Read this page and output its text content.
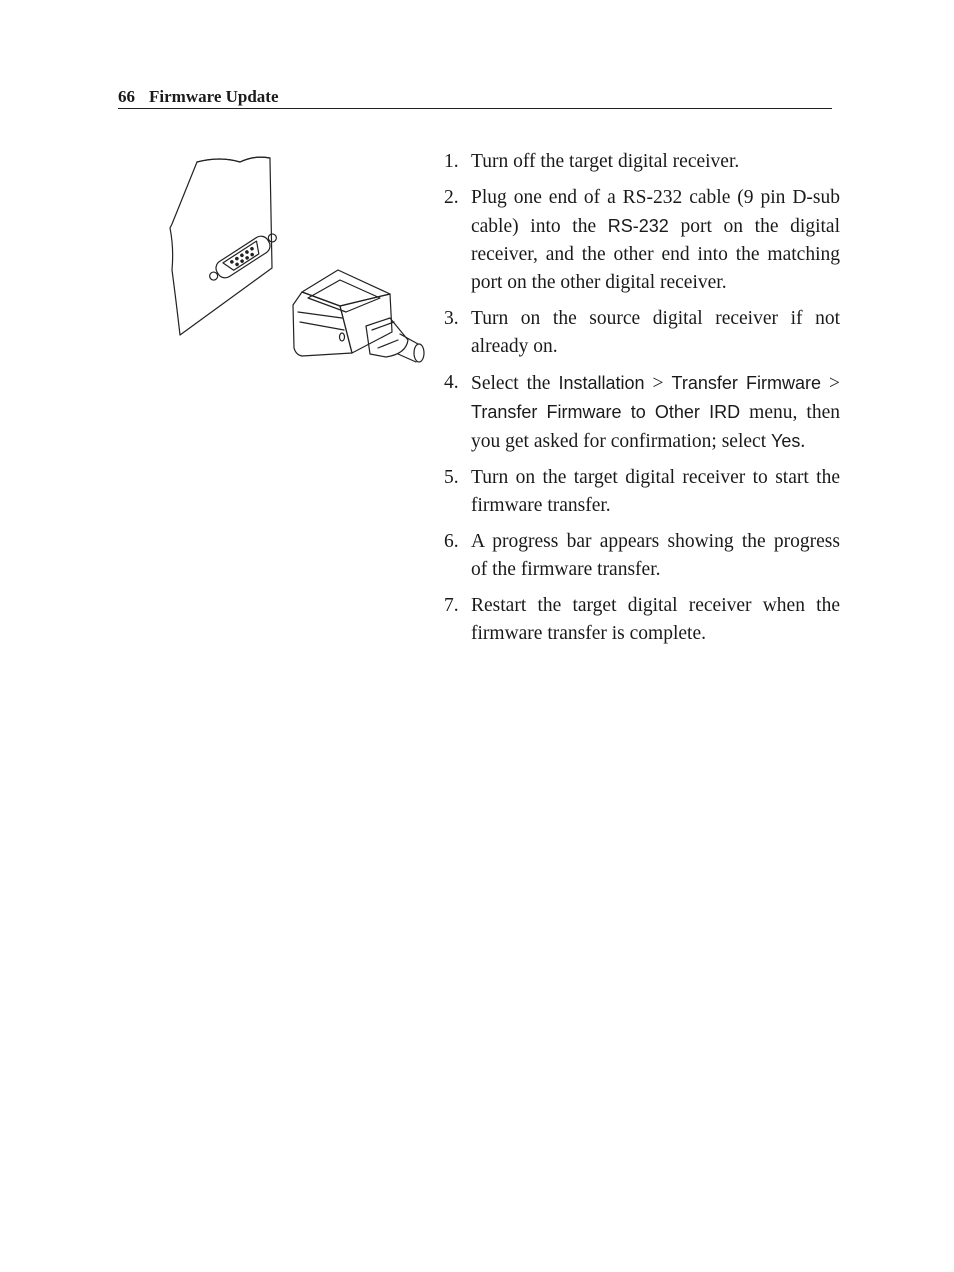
66 Firmware Update
1. Turn off the target digital receiver.
2. Plug one end of a RS-232 cable (9 pin D-sub cable) into the RS-232 port on the digital receiver, and the other end into the matching port on the other digital receiver.
3. Turn on the source digital receiver if not already on.
4. Select the Installation > Transfer Firmware > Transfer Firmware to Other IRD menu, then you get asked for confirmation; select Yes.
5. Turn on the target digital receiver to start the firmware transfer.
6. A progress bar appears showing the progress of the firmware transfer.
7. Restart the target digital receiver when the firmware transfer is complete.
